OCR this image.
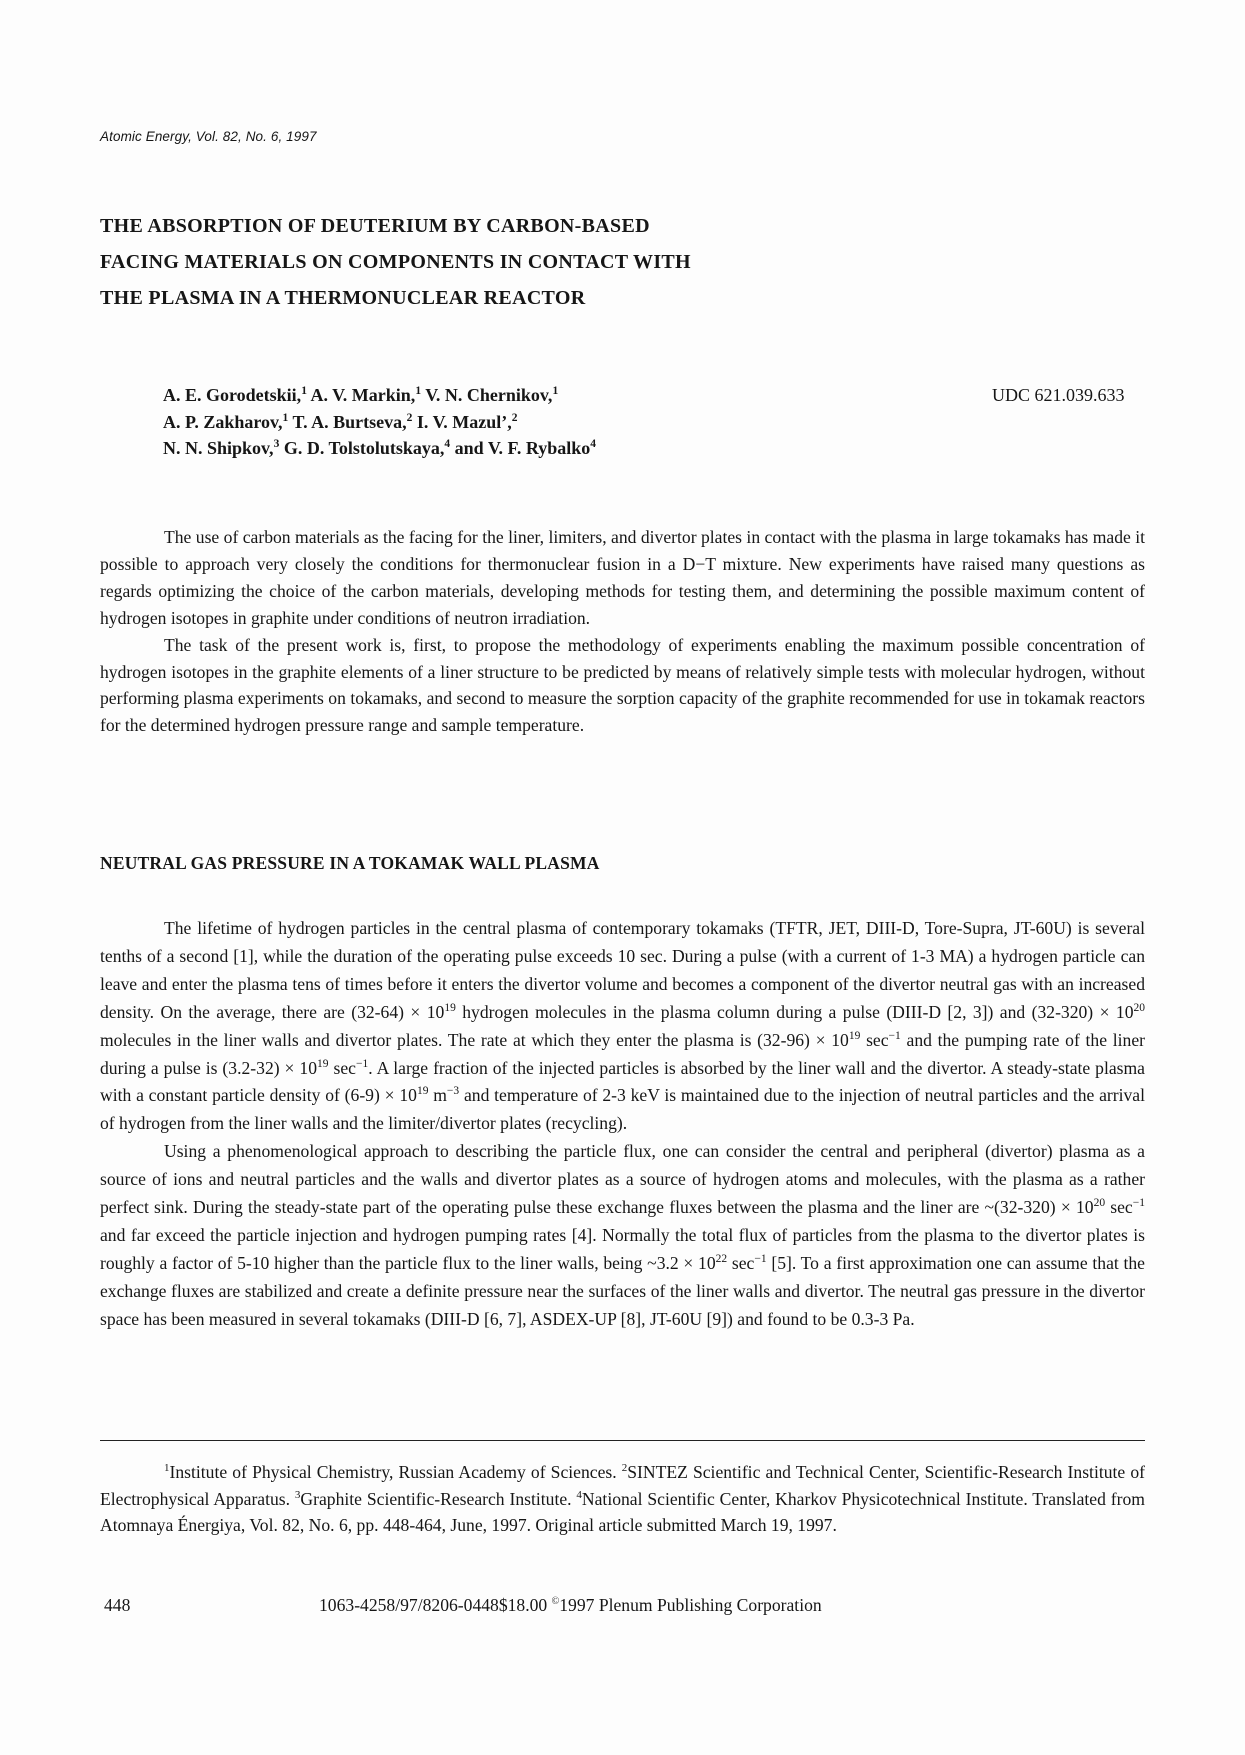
Atomic Energy, Vol. 82, No. 6, 1997
THE ABSORPTION OF DEUTERIUM BY CARBON-BASED
FACING MATERIALS ON COMPONENTS IN CONTACT WITH
THE PLASMA IN A THERMONUCLEAR REACTOR
A. E. Gorodetskii,$^1$ A. V. Markin,$^1$ V. N. Chernikov,$^1$
A. P. Zakharov,$^1$ T. A. Burtseva,$^2$ I. V. Mazul’,$^2$
N. N. Shipkov,$^3$ G. D. Tolstolutskaya,$^4$ and V. F. Rybalko$^4$
UDC 621.039.633

The use of carbon materials as the facing for the liner, limiters, and divertor plates in contact with the plasma in large tokamaks has made it possible to approach very closely the conditions for thermonuclear fusion in a D−T mixture. New experiments have raised many questions as regards optimizing the choice of the carbon materials, developing methods for testing them, and determining the possible maximum content of hydrogen isotopes in graphite under conditions of neutron irradiation.

The task of the present work is, first, to propose the methodology of experiments enabling the maximum possible concentration of hydrogen isotopes in the graphite elements of a liner structure to be predicted by means of relatively simple tests with molecular hydrogen, without performing plasma experiments on tokamaks, and second to measure the sorption capacity of the graphite recommended for use in tokamak reactors for the determined hydrogen pressure range and sample temperature.

NEUTRAL GAS PRESSURE IN A TOKAMAK WALL PLASMA

The lifetime of hydrogen particles in the central plasma of contemporary tokamaks (TFTR, JET, DIII-D, Tore-Supra, JT-60U) is several tenths of a second [1], while the duration of the operating pulse exceeds 10 sec. During a pulse (with a current of 1-3 MA) a hydrogen particle can leave and enter the plasma tens of times before it enters the divertor volume and becomes a component of the divertor neutral gas with an increased density. On the average, there are $(32-64) \times 10^{19}$ hydrogen molecules in the plasma column during a pulse (DIII-D [2, 3]) and $(32-320) \times 10^{20}$ molecules in the liner walls and divertor plates. The rate at which they enter the plasma is $(32-96) \times 10^{19}$ $\sec^{-1}$ and the pumping rate of the liner during a pulse is $(3.2-32) \times 10^{19}$ $\sec^{-1}$. A large fraction of the injected particles is absorbed by the liner wall and the divertor. A steady-state plasma with a constant particle density of $(6-9) \times 10^{19}$ $m^{-3}$ and temperature of 2-3 keV is maintained due to the injection of neutral particles and the arrival of hydrogen from the liner walls and the limiter/divertor plates (recycling).

Using a phenomenological approach to describing the particle flux, one can consider the central and peripheral (divertor) plasma as a source of ions and neutral particles and the walls and divertor plates as a source of hydrogen atoms and molecules, with the plasma as a rather perfect sink. During the steady-state part of the operating pulse these exchange fluxes between the plasma and the liner are ~(32-320) × $10^{20}$ $\sec^{-1}$ and far exceed the particle injection and hydrogen pumping rates [4]. Normally the total flux of particles from the plasma to the divertor plates is roughly a factor of 5-10 higher than the particle flux to the liner walls, being ~3.2 × $10^{22}$ $\sec^{-1} [5]$. To a first approximation one can assume that the exchange fluxes are stabilized and create a definite pressure near the surfaces of the liner walls and divertor. The neutral gas pressure in the divertor space has been measured in several tokamaks (DIII-D [6, 7], ASDEX-UP [8], JT-60U [9]) and found to be 0.3-3 Pa.

$^1$Institute of Physical Chemistry, Russian Academy of Sciences. $^2$SINTEZ Scientific and Technical Center, Scientific-Research Institute of Electrophysical Apparatus. $^3$Graphite Scientific-Research Institute. $^4$National Scientific Center, Kharkov Physicotechnical Institute. Translated from Atomnaya Énergiya, Vol. 82, No. 6, pp. 448-464, June, 1997. Original article submitted March 19, 1997.
448	1063-4258/97/8206-0448$18.00 ©1997 Plenum Publishing Corporation
